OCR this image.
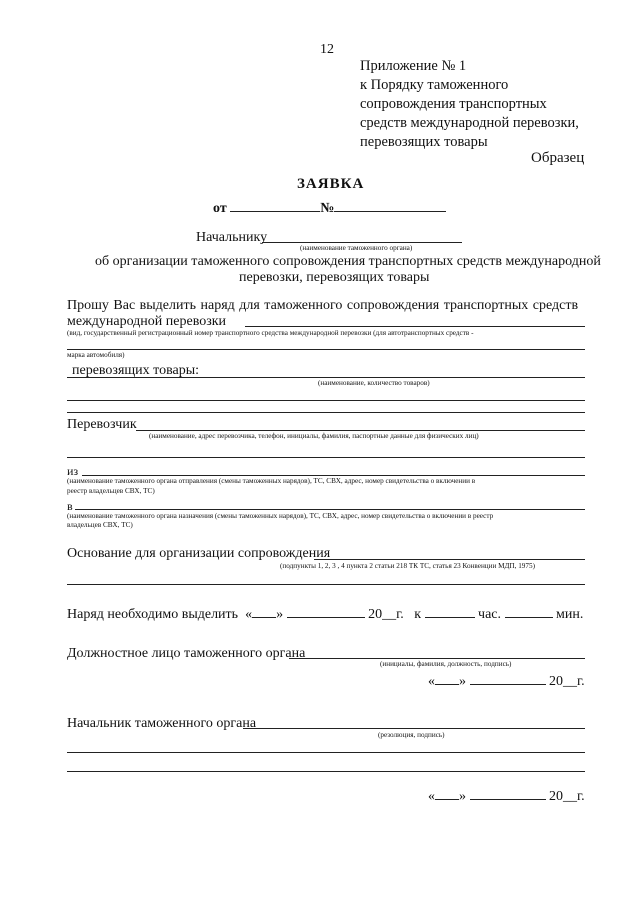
12
Приложение № 1
к Порядку таможенного
сопровождения транспортных
средств международной перевозки,
перевозящих товары
Образец
ЗАЯВКА
от	№
Начальнику
(наименование таможенного органа)
об организации таможенного сопровождения транспортных средств международной
перевозки, перевозящих товары
Прошу Вас выделить наряд для таможенного сопровождения транспортных средств
международной перевозки
(вид, государственный регистрационный номер транспортного средства международной перевозки (для автотранспортных средств -
марка автомобиля)
перевозящих товары:
(наименование, количество товаров)
Перевозчик
(наименование, адрес перевозчика, телефон, инициалы, фамилия, паспортные данные для физических лиц)
из
(наименование таможенного органа отправления (смены таможенных нарядов), ТС, СВХ, адрес, номер свидетельства о включении в
реестр владельцев СВХ, ТС)
в
(наименование таможенного органа назначения (смены таможенных нарядов), ТС, СВХ, адрес, номер свидетельства о включении в реестр
владельцев СВХ, ТС)
Основание для организации сопровождения
(подпункты 1, 2, 3 , 4 пункта 2 статьи 218 ТК ТС, статья 23 Конвенции МДП, 1975)
Наряд необходимо выделить « »	20__г. к	час.	мин.
Должностное лицо таможенного органа
(инициалы, фамилия, должность, подпись)
« »	20__г.
Начальник таможенного органа
(резолюция, подпись)
« »	20__г.
